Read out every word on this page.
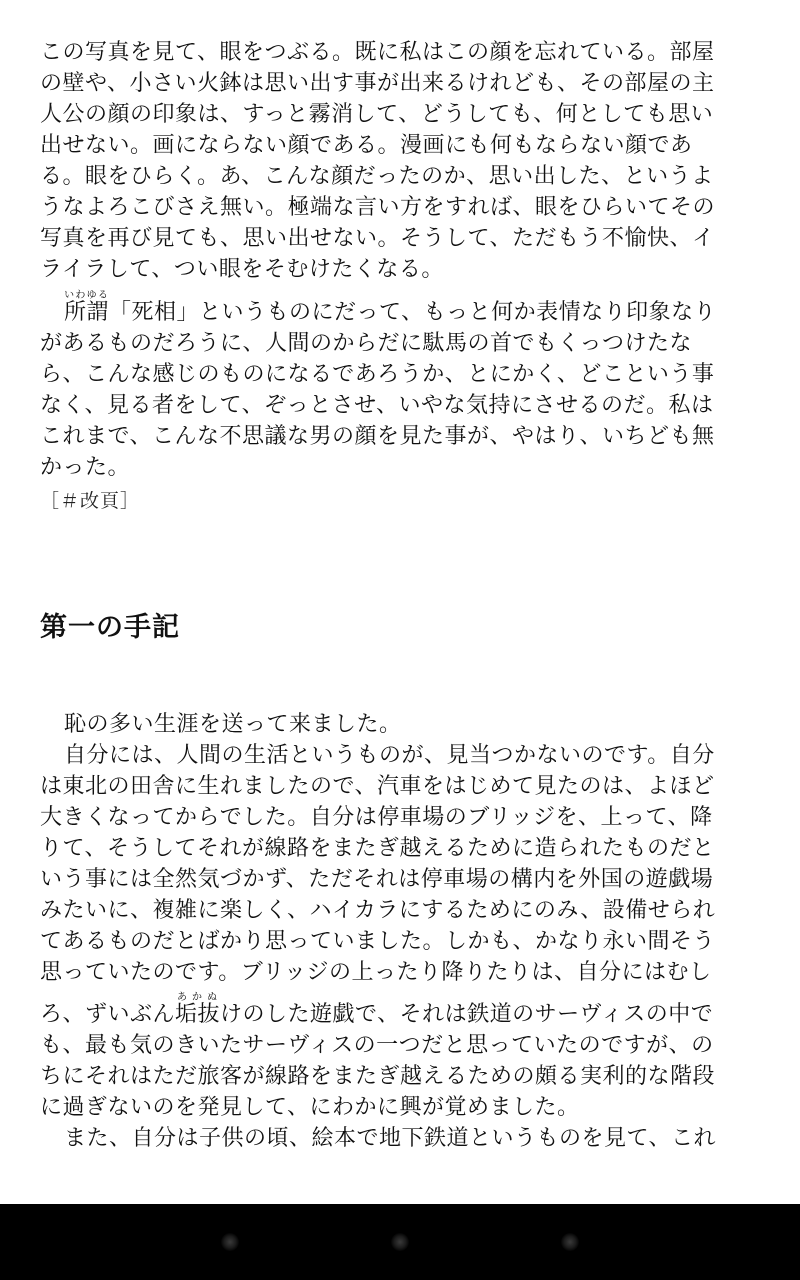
この写真を見て、眼をつぶる。既に私はこの顔を忘れている。部屋
の壁や、小さい火鉢は思い出す事が出来るけれども、その部屋の主
人公の顔の印象は、すっと霧消して、どうしても、何としても思い
出せない。画にならない顔である。漫画にも何もならない顔であ
る。眼をひらく。あ、こんな顔だったのか、思い出した、というよ
うなよろこびさえ無い。極端な言い方をすれば、眼をひらいてその
写真を再び見ても、思い出せない。そうして、ただもう不愉快、イ
ライラして、つい眼をそむけたくなる。
所謂いわゆる「死相」というものにだって、もっと何か表情なり印象なり
があるものだろうに、人間のからだに駄馬の首でもくっつけたな
ら、こんな感じのものになるであろうか、とにかく、どこという事
なく、見る者をして、ぞっとさせ、いやな気持にさせるのだ。私は
これまで、こんな不思議な男の顔を見た事が、やはり、いちども無
かった。
［＃改頁］
第一の手記
恥の多い生涯を送って来ました。
自分には、人間の生活というものが、見当つかないのです。自分
は東北の田舎に生れましたので、汽車をはじめて見たのは、よほど
大きくなってからでした。自分は停車場のブリッジを、上って、降
りて、そうしてそれが線路をまたぎ越えるために造られたものだと
いう事には全然気づかず、ただそれは停車場の構内を外国の遊戯場
みたいに、複雑に楽しく、ハイカラにするためにのみ、設備せられ
てあるものだとばかり思っていました。しかも、かなり永い間そう
思っていたのです。ブリッジの上ったり降りたりは、自分にはむし
ろ、ずいぶん垢抜あかぬけのした遊戯で、それは鉄道のサーヴィスの中で
も、最も気のきいたサーヴィスの一つだと思っていたのですが、の
ちにそれはただ旅客が線路をまたぎ越えるための頗る実利的な階段
に過ぎないのを発見して、にわかに興が覚めました。
また、自分は子供の頃、絵本で地下鉄道というものを見て、これ
